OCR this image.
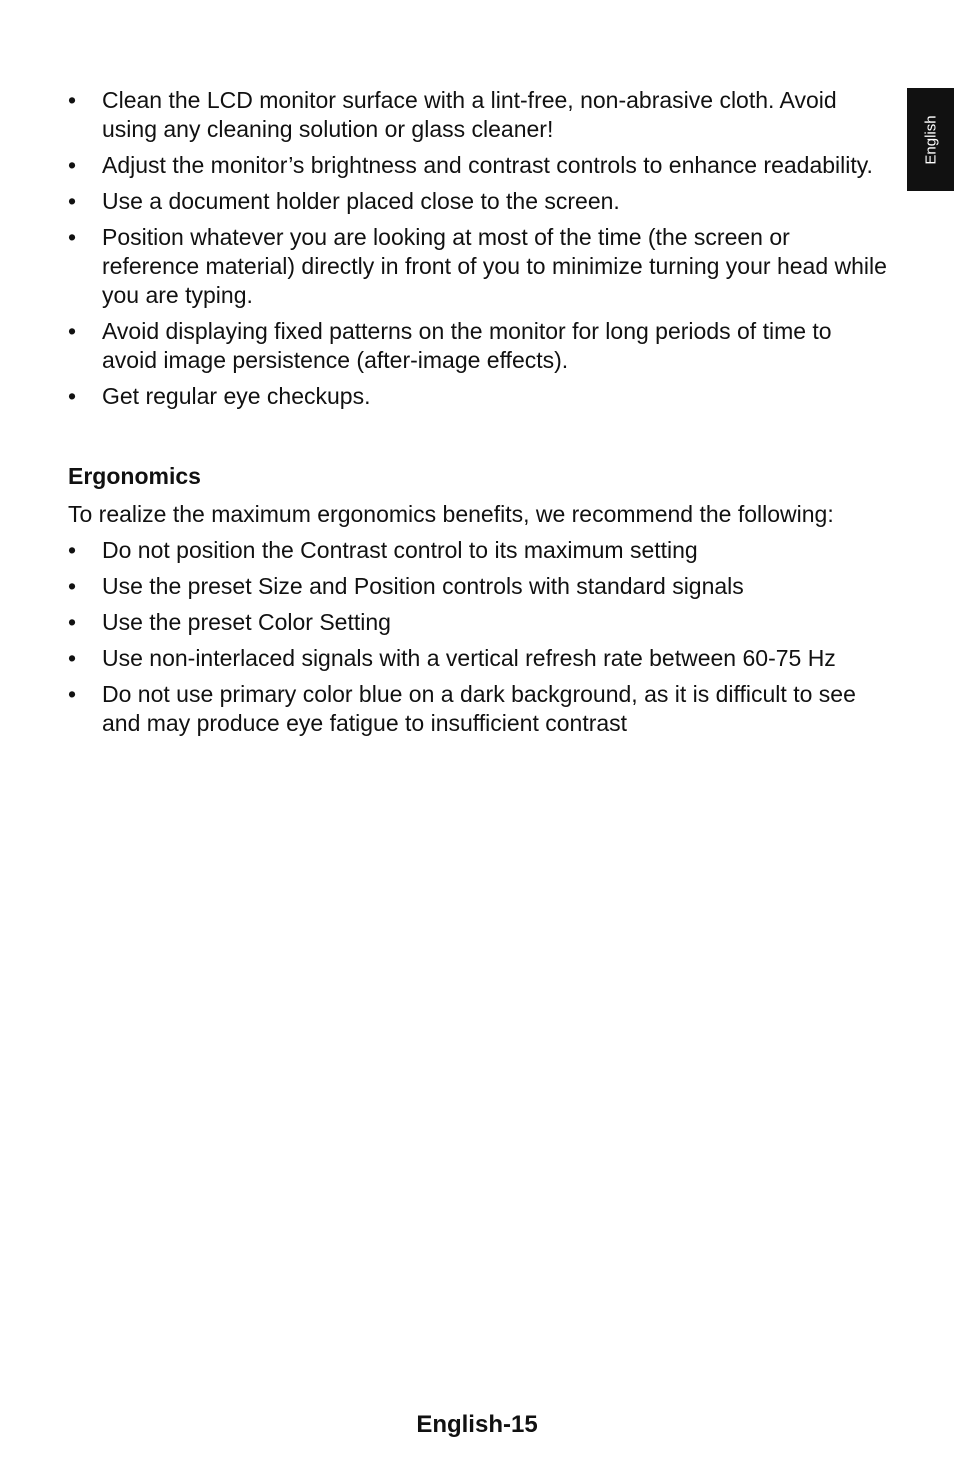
English
• Clean the LCD monitor surface with a lint-free, non-abrasive cloth. Avoid using any cleaning solution or glass cleaner!
• Adjust the monitor’s brightness and contrast controls to enhance readability.
• Use a document holder placed close to the screen.
• Position whatever you are looking at most of the time (the screen or reference material) directly in front of you to minimize turning your head while you are typing.
• Avoid displaying fixed patterns on the monitor for long periods of time to avoid image persistence (after-image effects).
• Get regular eye checkups.
Ergonomics

To realize the maximum ergonomics benefits, we recommend the following:

• Do not position the Contrast control to its maximum setting
• Use the preset Size and Position controls with standard signals
• Use the preset Color Setting
• Use non-interlaced signals with a vertical refresh rate between 60-75 Hz
• Do not use primary color blue on a dark background, as it is difficult to see and may produce eye fatigue to insufficient contrast
English-15
